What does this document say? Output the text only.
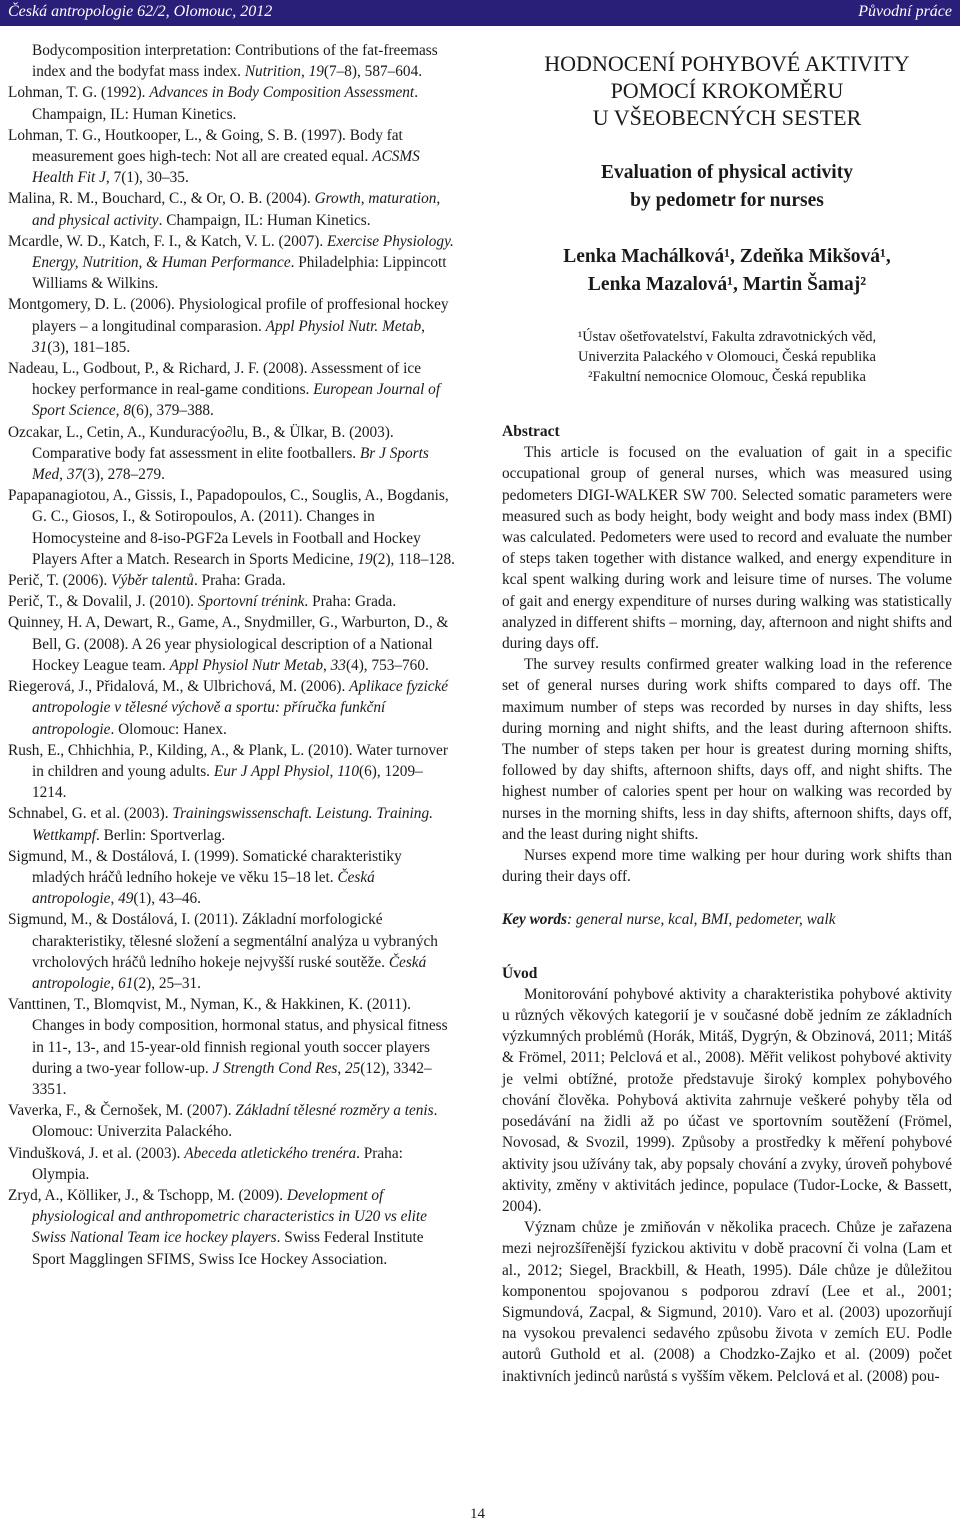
Česká antropologie 62/2, Olomouc, 2012	Původní práce

Bodycomposition interpretation: Contributions of the fat-freemass index and the bodyfat mass index. Nutrition, 19(7–8), 587–604.

Lohman, T. G. (1992). Advances in Body Composition Assessment. Champaign, IL: Human Kinetics.

Lohman, T. G., Houtkooper, L., & Going, S. B. (1997). Body fat measurement goes high-tech: Not all are created equal. ACSMS Health Fit J, 7(1), 30–35.

Malina, R. M., Bouchard, C., & Or, O. B. (2004). Growth, maturation, and physical activity. Champaign, IL: Human Kinetics.

Mcardle, W. D., Katch, F. I., & Katch, V. L. (2007). Exercise Physiology. Energy, Nutrition, & Human Performance. Philadelphia: Lippincott Williams & Wilkins.

Montgomery, D. L. (2006). Physiological profile of proffesional hockey players – a longitudinal comparasion. Appl Physiol Nutr. Metab, 31(3), 181–185.

Nadeau, L., Godbout, P., & Richard, J. F. (2008). Assessment of ice hockey performance in real-game conditions. European Journal of Sport Science, 8(6), 379–388.

Ozcakar, L., Cetin, A., Kunduracýo∂lu, B., & Ülkar, B. (2003). Comparative body fat assessment in elite footballers. Br J Sports Med, 37(3), 278–279.

Papapanagiotou, A., Gissis, I., Papadopoulos, C., Souglis, A., Bogdanis, G. C., Giosos, I., & Sotiropoulos, A. (2011). Changes in Homocysteine and 8-iso-PGF2a Levels in Football and Hockey Players After a Match. Research in Sports Medicine, 19(2), 118–128.

Perič, T. (2006). Výběr talentů. Praha: Grada.

Perič, T., & Dovalil, J. (2010). Sportovní trénink. Praha: Grada.

Quinney, H. A, Dewart, R., Game, A., Snydmiller, G., Warburton, D., & Bell, G. (2008). A 26 year physiological description of a National Hockey League team. Appl Physiol Nutr Metab, 33(4), 753–760.

Riegerová, J., Přidalová, M., & Ulbrichová, M. (2006). Aplikace fyzické antropologie v tělesné výchově a sportu: příručka funkční antropologie. Olomouc: Hanex.

Rush, E., Chhichhia, P., Kilding, A., & Plank, L. (2010). Water turnover in children and young adults. Eur J Appl Physiol, 110(6), 1209–1214.

Schnabel, G. et al. (2003). Trainingswissenschaft. Leistung. Training. Wettkampf. Berlin: Sportverlag.

Sigmund, M., & Dostálová, I. (1999). Somatické charakteristiky mladých hráčů ledního hokeje ve věku 15–18 let. Česká antropologie, 49(1), 43–46.

Sigmund, M., & Dostálová, I. (2011). Základní morfologické charakteristiky, tělesné složení a segmentální analýza u vybraných vrcholových hráčů ledního hokeje nejvyšší ruské soutěže. Česká antropologie, 61(2), 25–31.

Vanttinen, T., Blomqvist, M., Nyman, K., & Hakkinen, K. (2011). Changes in body composition, hormonal status, and physical fitness in 11-, 13-, and 15-year-old finnish regional youth soccer players during a two-year follow-up. J Strength Cond Res, 25(12), 3342–3351.

Vaverka, F., & Černošek, M. (2007). Základní tělesné rozměry a tenis. Olomouc: Univerzita Palackého.

Vindušková, J. et al. (2003). Abeceda atletického trenéra. Praha: Olympia.

Zryd, A., Kölliker, J., & Tschopp, M. (2009). Development of physiological and anthropometric characteristics in U20 vs elite Swiss National Team ice hockey players. Swiss Federal Institute Sport Magglingen SFIMS, Swiss Ice Hockey Association.

HODNOCENÍ POHYBOVÉ AKTIVITY
POMOCÍ KROKOMĚRU
U VŠEOBECNÝCH SESTER
Evaluation of physical activity
by pedometr for nurses
Lenka Machálková¹, Zdeňka Mikšová¹,
Lenka Mazalová¹, Martin Šamaj²
¹Ústav ošetřovatelství, Fakulta zdravotnických věd,
Univerzita Palackého v Olomouci, Česká republika
²Fakultní nemocnice Olomouc, Česká republika
Abstract

This article is focused on the evaluation of gait in a specific occupational group of general nurses, which was measured using pedometers DIGI-WALKER SW 700. Selected somatic parameters were measured such as body height, body weight and body mass index (BMI) was calculated. Pedometers were used to record and evaluate the number of steps taken together with distance walked, and energy expenditure in kcal spent walking during work and leisure time of nurses. The volume of gait and energy expenditure of nurses during walking was statistically analyzed in different shifts – morning, day, afternoon and night shifts and during days off.

The survey results confirmed greater walking load in the reference set of general nurses during work shifts compared to days off. The maximum number of steps was recorded by nurses in day shifts, less during morning and night shifts, and the least during afternoon shifts. The number of steps taken per hour is greatest during morning shifts, followed by day shifts, afternoon shifts, days off, and night shifts. The highest number of calories spent per hour on walking was recorded by nurses in the morning shifts, less in day shifts, afternoon shifts, days off, and the least during night shifts.

Nurses expend more time walking per hour during work shifts than during their days off.

Key words: general nurse, kcal, BMI, pedometer, walk

Úvod

Monitorování pohybové aktivity a charakteristika pohybové aktivity u různých věkových kategorií je v současné době jedním ze základních výzkumných problémů (Horák, Mitáš, Dygrýn, & Obzinová, 2011; Mitáš & Frömel, 2011; Pelclová et al., 2008). Měřit velikost pohybové aktivity je velmi obtížné, protože představuje široký komplex pohybového chování člověka. Pohybová aktivita zahrnuje veškeré pohyby těla od posedávání na židli až po účast ve sportovním soutěžení (Frömel, Novosad, & Svozil, 1999). Způsoby a prostředky k měření pohybové aktivity jsou užívány tak, aby popsaly chování a zvyky, úroveň pohybové aktivity, změny v aktivitách jedince, populace (Tudor-Locke, & Bassett, 2004).

Význam chůze je zmiňován v několika pracech. Chůze je zařazena mezi nejrozšířenější fyzickou aktivitu v době pracovní či volna (Lam et al., 2012; Siegel, Brackbill, & Heath, 1995). Dále chůze je důležitou komponentou spojovanou s podporou zdraví (Lee et al., 2001; Sigmundová, Zacpal, & Sigmund, 2010). Varo et al. (2003) upozorňují na vysokou prevalenci sedavého způsobu života v zemích EU. Podle autorů Guthold et al. (2008) a Chodzko-Zajko et al. (2009) počet inaktivních jedinců narůstá s vyšším věkem. Pelclová et al. (2008) pou-

14
